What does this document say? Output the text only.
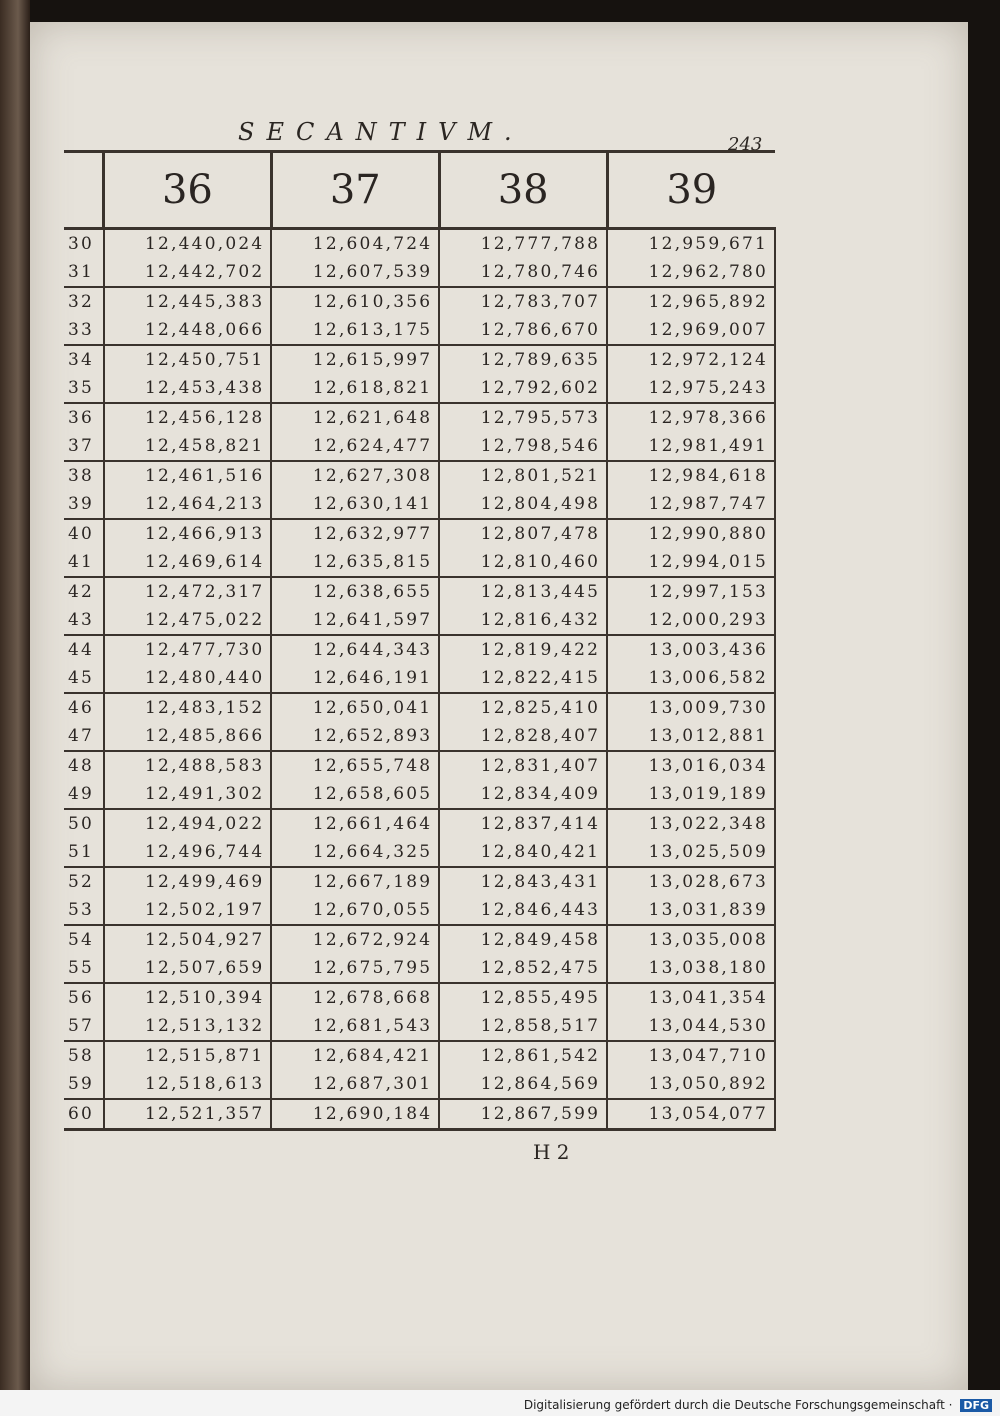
SECANTIVM.	243
	36	37	38	39
30	12,440,024	12,604,724	12,777,788	12,959,671
31	12,442,702	12,607,539	12,780,746	12,962,780
32	12,445,383	12,610,356	12,783,707	12,965,892
33	12,448,066	12,613,175	12,786,670	12,969,007
34	12,450,751	12,615,997	12,789,635	12,972,124
35	12,453,438	12,618,821	12,792,602	12,975,243
36	12,456,128	12,621,648	12,795,573	12,978,366
37	12,458,821	12,624,477	12,798,546	12,981,491
38	12,461,516	12,627,308	12,801,521	12,984,618
39	12,464,213	12,630,141	12,804,498	12,987,747
40	12,466,913	12,632,977	12,807,478	12,990,880
41	12,469,614	12,635,815	12,810,460	12,994,015
42	12,472,317	12,638,655	12,813,445	12,997,153
43	12,475,022	12,641,597	12,816,432	12,000,293
44	12,477,730	12,644,343	12,819,422	13,003,436
45	12,480,440	12,646,191	12,822,415	13,006,582
46	12,483,152	12,650,041	12,825,410	13,009,730
47	12,485,866	12,652,893	12,828,407	13,012,881
48	12,488,583	12,655,748	12,831,407	13,016,034
49	12,491,302	12,658,605	12,834,409	13,019,189
50	12,494,022	12,661,464	12,837,414	13,022,348
51	12,496,744	12,664,325	12,840,421	13,025,509
52	12,499,469	12,667,189	12,843,431	13,028,673
53	12,502,197	12,670,055	12,846,443	13,031,839
54	12,504,927	12,672,924	12,849,458	13,035,008
55	12,507,659	12,675,795	12,852,475	13,038,180
56	12,510,394	12,678,668	12,855,495	13,041,354
57	12,513,132	12,681,543	12,858,517	13,044,530
58	12,515,871	12,684,421	12,861,542	13,047,710
59	12,518,613	12,687,301	12,864,569	13,050,892
60	12,521,357	12,690,184	12,867,599	13,054,077
H 2
Digitalisierung gefördert durch die Deutsche Forschungsgemeinschaft · DFG
